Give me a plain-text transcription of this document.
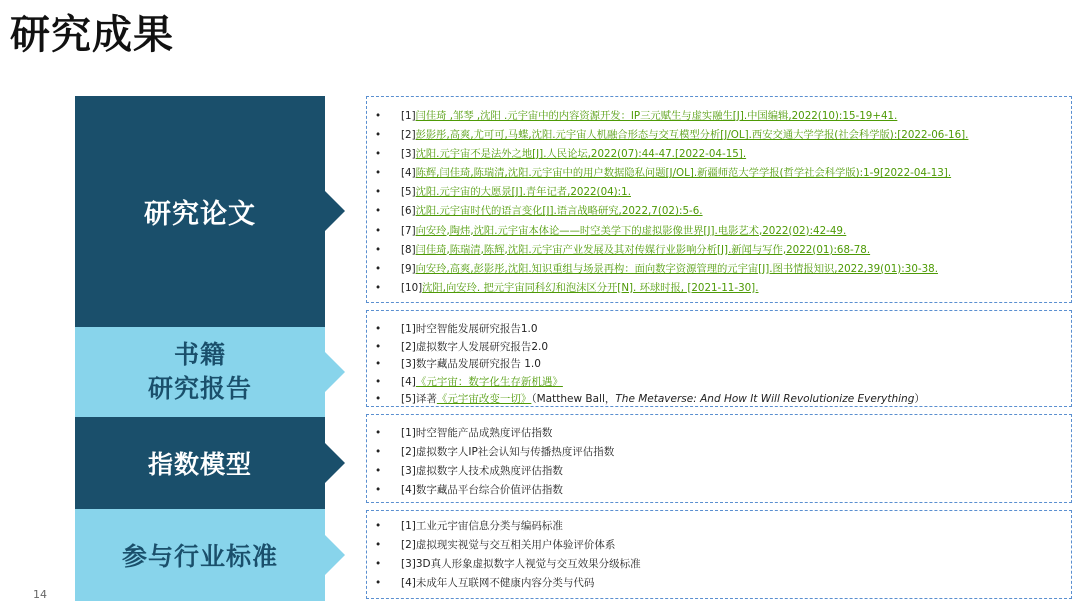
研究成果
研究论文
书籍
研究报告
指数模型
参与行业标准
• [1]闫佳琦 ,邹琴 ,沈阳 .元宇宙中的内容资源开发：IP三元赋生与虚实融生[J].中国编辑,2022(10):15-19+41.
• [2]彭影彤,高爽,尤可可,马蝶,沈阳.元宇宙人机融合形态与交互模型分析[J/OL].西安交通大学学报(社会科学版):[2022-06-16].
• [3]沈阳.元宇宙不是法外之地[J].人民论坛,2022(07):44-47.[2022-04-15].
• [4]陈辉,闫佳琦,陈瑞清,沈阳.元宇宙中的用户数据隐私问题[J/OL].新疆师范大学学报(哲学社会科学版):1-9[2022-04-13].
• [5]沈阳.元宇宙的大愿景[J].青年记者,2022(04):1.
• [6]沈阳.元宇宙时代的语言变化[J].语言战略研究,2022,7(02):5-6.
• [7]向安玲,陶炜,沈阳.元宇宙本体论——时空美学下的虚拟影像世界[J].电影艺术,2022(02):42-49.
• [8]闫佳琦,陈瑞清,陈辉,沈阳.元宇宙产业发展及其对传媒行业影响分析[J].新闻与写作,2022(01):68-78.
• [9]向安玲,高爽,彭影彤,沈阳.知识重组与场景再构：面向数字资源管理的元宇宙[J].图书情报知识,2022,39(01):30-38.
• [10]沈阳,向安玲. 把元宇宙同科幻和泡沫区分开[N]. 环球时报, [2021-11-30].
• [1]时空智能发展研究报告1.0
• [2]虚拟数字人发展研究报告2.0
• [3]数字藏品发展研究报告 1.0
• [4]《元宇宙：数字化生存新机遇》
• [5]译著《元宇宙改变一切》（Matthew Ball，The Metaverse: And How It Will Revolutionize Everything）
• [1]时空智能产品成熟度评估指数
• [2]虚拟数字人IP社会认知与传播热度评估指数
• [3]虚拟数字人技术成熟度评估指数
• [4]数字藏品平台综合价值评估指数
• [1]工业元宇宙信息分类与编码标准
• [2]虚拟现实视觉与交互相关用户体验评价体系
• [3]3D真人形象虚拟数字人视觉与交互效果分级标准
• [4]未成年人互联网不健康内容分类与代码
14
